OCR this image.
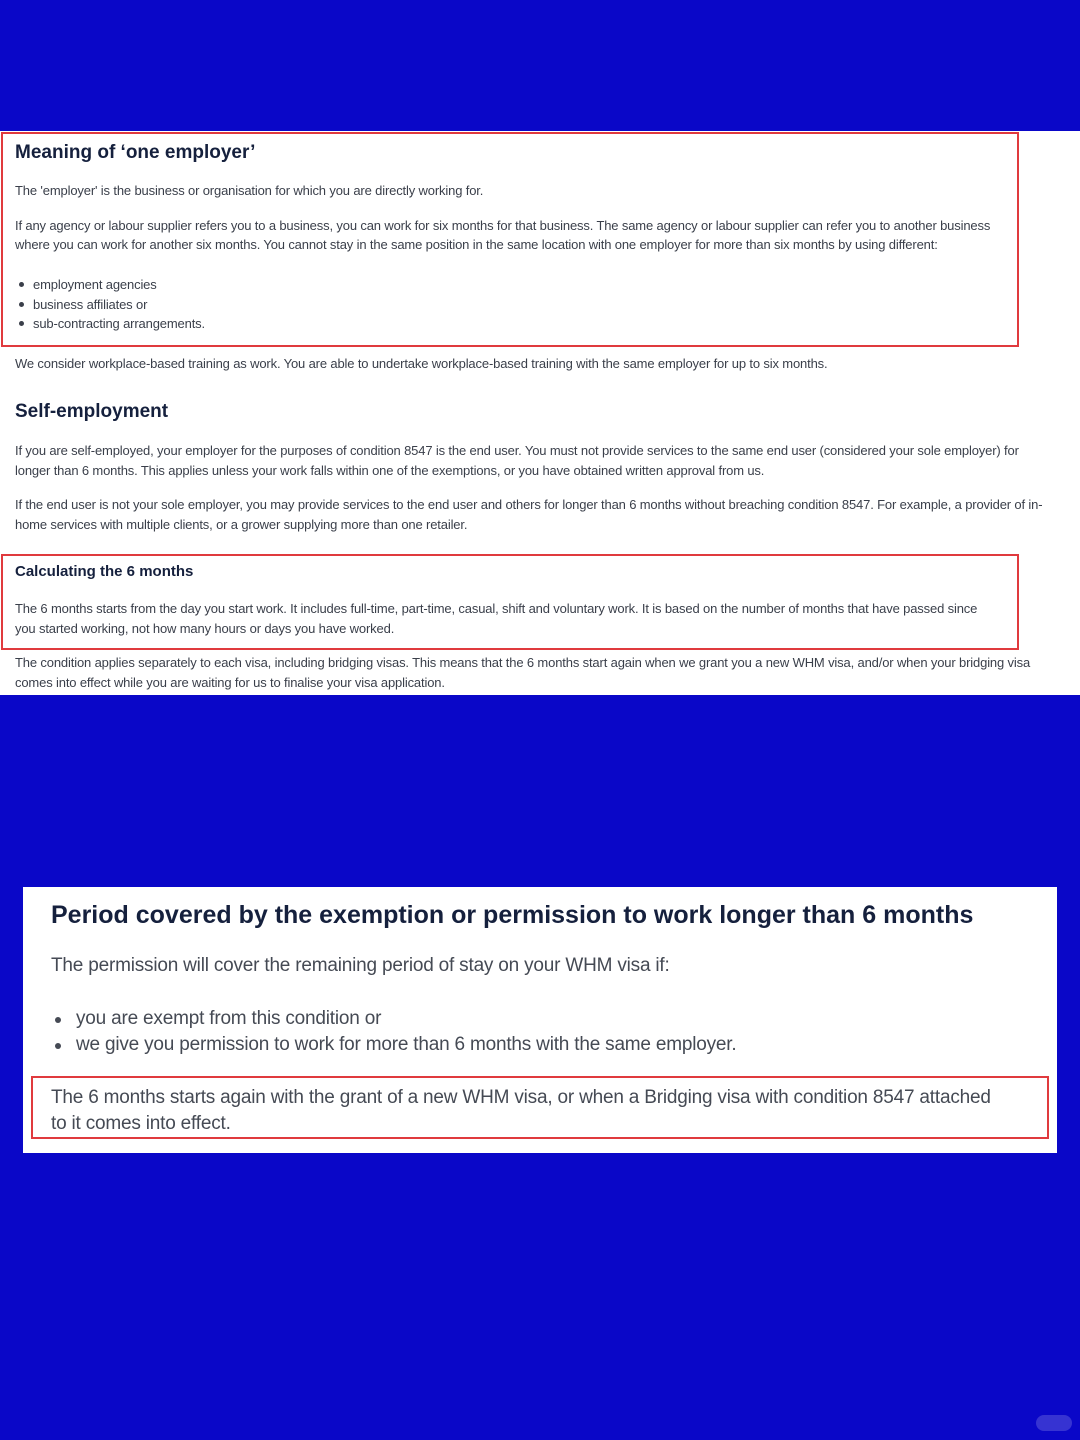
Meaning of ‘one employer’

The 'employer' is the business or organisation for which you are directly working for.

If any agency or labour supplier refers you to a business, you can work for six months for that business. The same agency or labour supplier can refer you to another business

where you can work for another six months. You cannot stay in the same position in the same location with one employer for more than six months by using different:

employment agencies
business affiliates or
sub-contracting arrangements.

We consider workplace-based training as work. You are able to undertake workplace-based training with the same employer for up to six months.

Self-employment

If you are self-employed, your employer for the purposes of condition 8547 is the end user. You must not provide services to the same end user (considered your sole employer) for longer than 6 months. This applies unless your work falls within one of the exemptions, or you have obtained written approval from us.

If the end user is not your sole employer, you may provide services to the end user and others for longer than 6 months without breaching condition 8547. For example, a provider of in-home services with multiple clients, or a grower supplying more than one retailer.

Calculating the 6 months

The 6 months starts from the day you start work. It includes full-time, part-time, casual, shift and voluntary work. It is based on the number of months that have passed since

you started working, not how many hours or days you have worked.

The condition applies separately to each visa, including bridging visas. This means that the 6 months start again when we grant you a new WHM visa, and/or when your bridging visa comes into effect while you are waiting for us to finalise your visa application.

Period covered by the exemption or permission to work longer than 6 months

The permission will cover the remaining period of stay on your WHM visa if:

you are exempt from this condition or
we give you permission to work for more than 6 months with the same employer.

The 6 months starts again with the grant of a new WHM visa, or when a Bridging visa with condition 8547 attached to it comes into effect.
